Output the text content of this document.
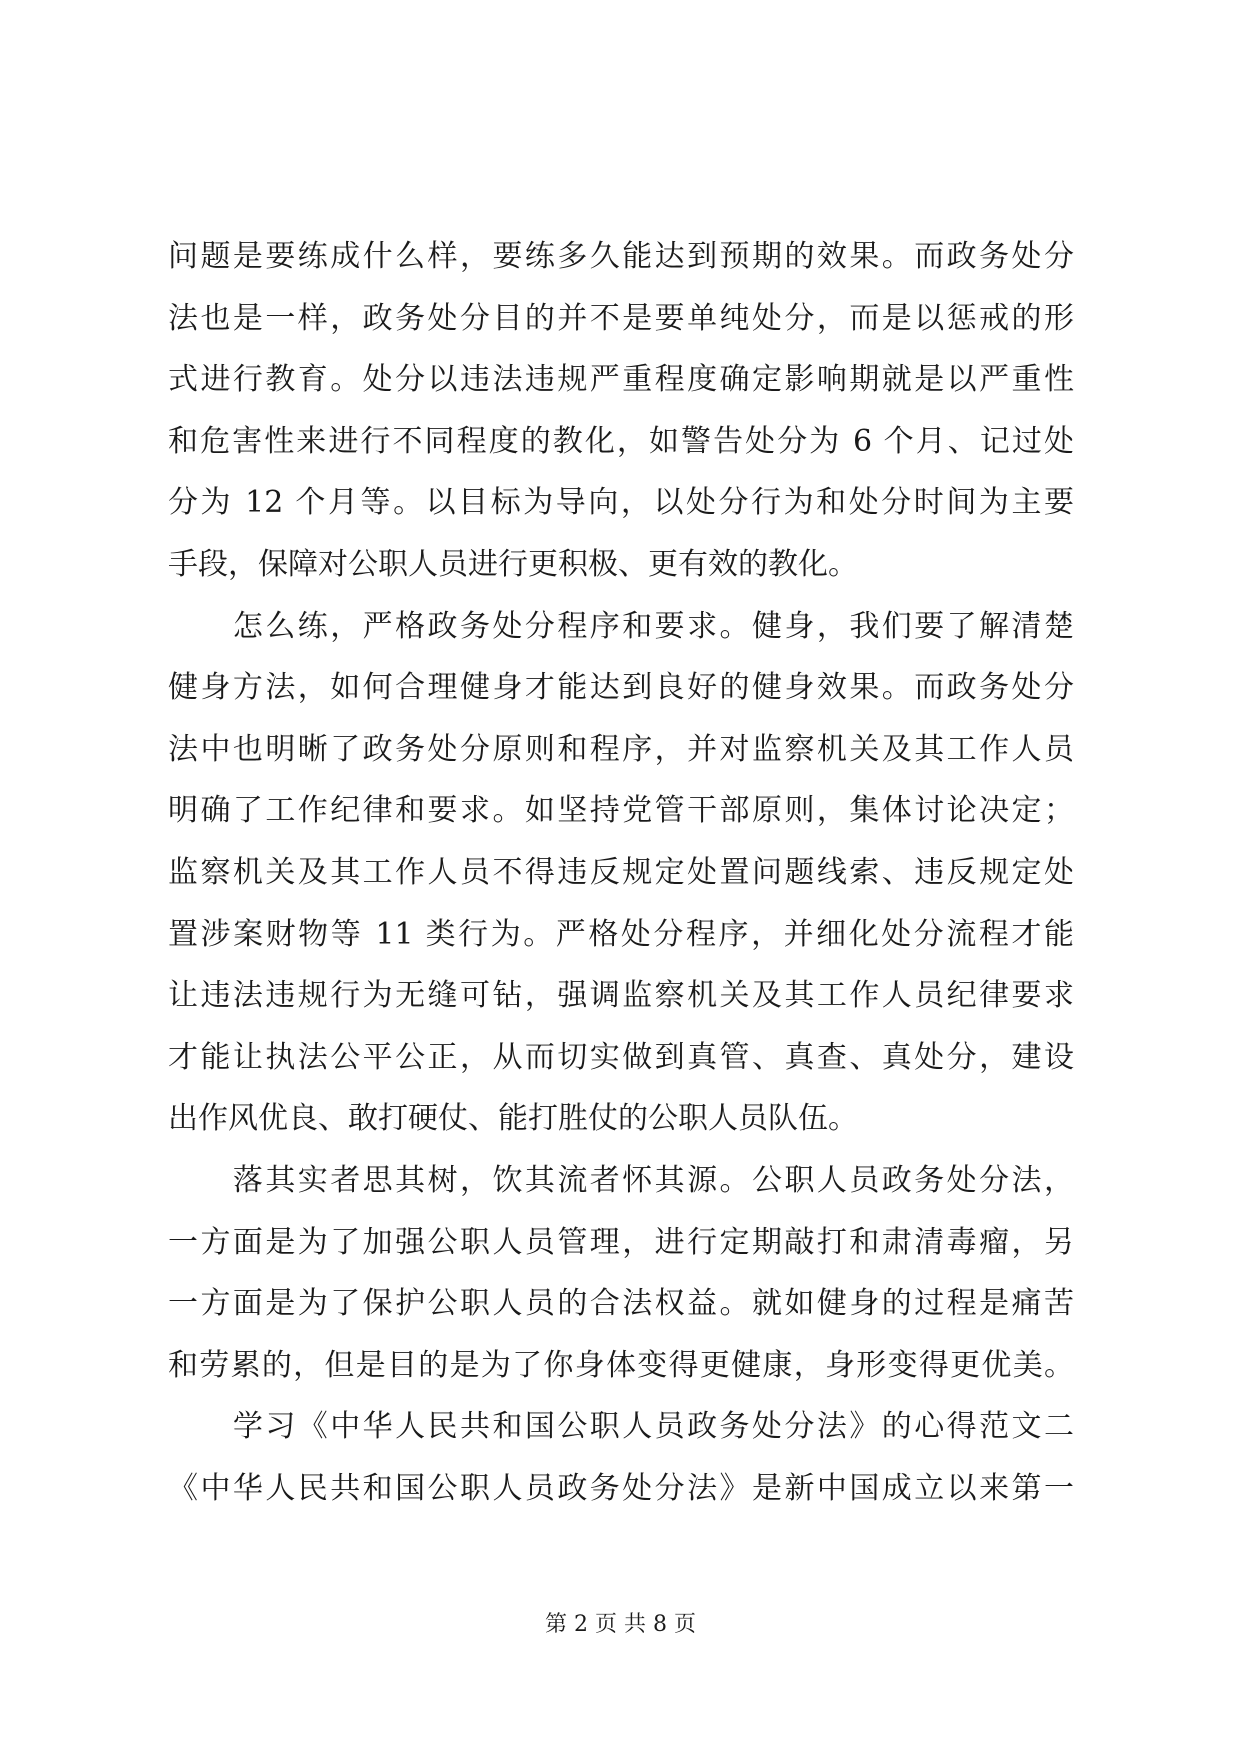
问题是要练成什么样，要练多久能达到预期的效果。而政务处分
法也是一样，政务处分目的并不是要单纯处分，而是以惩戒的形
式进行教育。处分以违法违规严重程度确定影响期就是以严重性
和危害性来进行不同程度的教化，如警告处分为 6 个月、记过处
分为 12 个月等。以目标为导向，以处分行为和处分时间为主要
手段，保障对公职人员进行更积极、更有效的教化。
　　怎么练，严格政务处分程序和要求。健身，我们要了解清楚
健身方法，如何合理健身才能达到良好的健身效果。而政务处分
法中也明晰了政务处分原则和程序，并对监察机关及其工作人员
明确了工作纪律和要求。如坚持党管干部原则，集体讨论决定；
监察机关及其工作人员不得违反规定处置问题线索、违反规定处
置涉案财物等 11 类行为。严格处分程序，并细化处分流程才能
让违法违规行为无缝可钻，强调监察机关及其工作人员纪律要求
才能让执法公平公正，从而切实做到真管、真查、真处分，建设
出作风优良、敢打硬仗、能打胜仗的公职人员队伍。
　　落其实者思其树，饮其流者怀其源。公职人员政务处分法，
一方面是为了加强公职人员管理，进行定期敲打和肃清毒瘤，另
一方面是为了保护公职人员的合法权益。就如健身的过程是痛苦
和劳累的，但是目的是为了你身体变得更健康，身形变得更优美。
　　学习《中华人民共和国公职人员政务处分法》的心得范文二
《中华人民共和国公职人员政务处分法》是新中国成立以来第一
第 2 页 共 8 页
